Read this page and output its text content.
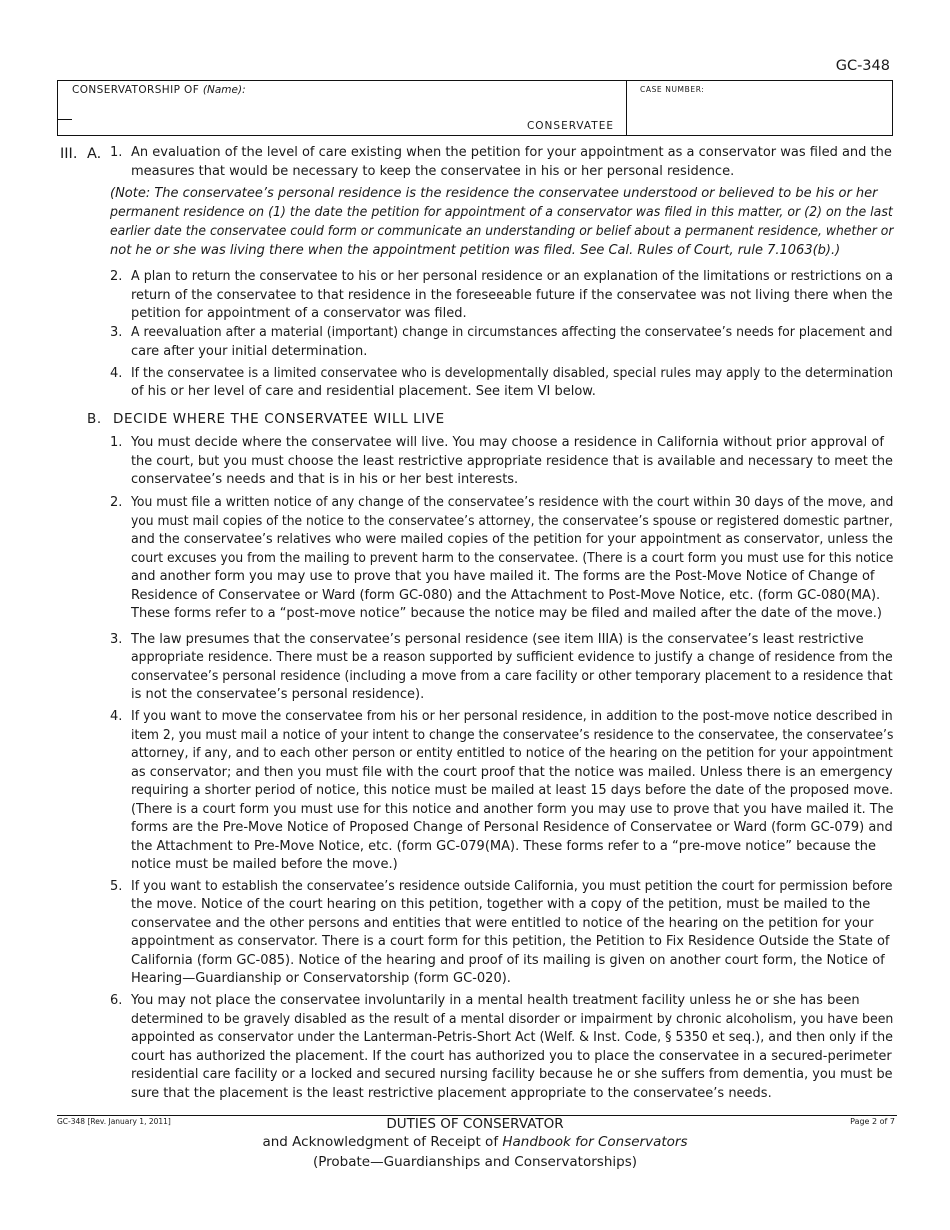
GC-348
CONSERVATORSHIP OF (Name):
CONSERVATEE
CASE NUMBER:
III. A. 1. An evaluation of the level of care existing when the petition for your appointment as a conservator was filed and the
measures that would be necessary to keep the conservatee in his or her personal residence.
(Note: The conservatee’s personal residence is the residence the conservatee understood or believed to be his or her
permanent residence on (1) the date the petition for appointment of a conservator was filed in this matter, or (2) on the last
earlier date the conservatee could form or communicate an understanding or belief about a permanent residence, whether or
not he or she was living there when the appointment petition was filed. See Cal. Rules of Court, rule 7.1063(b).)
2. A plan to return the conservatee to his or her personal residence or an explanation of the limitations or restrictions on a
return of the conservatee to that residence in the foreseeable future if the conservatee was not living there when the
petition for appointment of a conservator was filed.
3. A reevaluation after a material (important) change in circumstances affecting the conservatee’s needs for placement and
care after your initial determination.
4. If the conservatee is a limited conservatee who is developmentally disabled, special rules may apply to the determination
of his or her level of care and residential placement. See item VI below.
B. DECIDE WHERE THE CONSERVATEE WILL LIVE
1. You must decide where the conservatee will live. You may choose a residence in California without prior approval of
the court, but you must choose the least restrictive appropriate residence that is available and necessary to meet the
conservatee’s needs and that is in his or her best interests.
2. You must file a written notice of any change of the conservatee’s residence with the court within 30 days of the move, and
you must mail copies of the notice to the conservatee’s attorney, the conservatee’s spouse or registered domestic partner,
and the conservatee’s relatives who were mailed copies of the petition for your appointment as conservator, unless the
court excuses you from the mailing to prevent harm to the conservatee. (There is a court form you must use for this notice
and another form you may use to prove that you have mailed it. The forms are the Post-Move Notice of Change of
Residence of Conservatee or Ward (form GC-080) and the Attachment to Post-Move Notice, etc. (form GC-080(MA).
These forms refer to a “post-move notice” because the notice may be filed and mailed after the date of the move.)
3. The law presumes that the conservatee’s personal residence (see item IIIA) is the conservatee’s least restrictive
appropriate residence. There must be a reason supported by sufficient evidence to justify a change of residence from the
conservatee’s personal residence (including a move from a care facility or other temporary placement to a residence that
is not the conservatee’s personal residence).
4. If you want to move the conservatee from his or her personal residence, in addition to the post-move notice described in
item 2, you must mail a notice of your intent to change the conservatee’s residence to the conservatee, the conservatee’s
attorney, if any, and to each other person or entity entitled to notice of the hearing on the petition for your appointment
as conservator; and then you must file with the court proof that the notice was mailed. Unless there is an emergency
requiring a shorter period of notice, this notice must be mailed at least 15 days before the date of the proposed move.
(There is a court form you must use for this notice and another form you may use to prove that you have mailed it. The
forms are the Pre-Move Notice of Proposed Change of Personal Residence of Conservatee or Ward (form GC-079) and
the Attachment to Pre-Move Notice, etc. (form GC-079(MA). These forms refer to a “pre-move notice” because the
notice must be mailed before the move.)
5. If you want to establish the conservatee’s residence outside California, you must petition the court for permission before
the move. Notice of the court hearing on this petition, together with a copy of the petition, must be mailed to the
conservatee and the other persons and entities that were entitled to notice of the hearing on the petition for your
appointment as conservator. There is a court form for this petition, the Petition to Fix Residence Outside the State of
California (form GC-085). Notice of the hearing and proof of its mailing is given on another court form, the Notice of
Hearing—Guardianship or Conservatorship (form GC-020).
6. You may not place the conservatee involuntarily in a mental health treatment facility unless he or she has been
determined to be gravely disabled as the result of a mental disorder or impairment by chronic alcoholism, you have been
appointed as conservator under the Lanterman-Petris-Short Act (Welf. & Inst. Code, § 5350 et seq.), and then only if the
court has authorized the placement. If the court has authorized you to place the conservatee in a secured-perimeter
residential care facility or a locked and secured nursing facility because he or she suffers from dementia, you must be
sure that the placement is the least restrictive placement appropriate to the conservatee’s needs.
GC-348 [Rev. January 1, 2011]	Page 2 of 7
DUTIES OF CONSERVATOR
and Acknowledgment of Receipt of Handbook for Conservators
(Probate—Guardianships and Conservatorships)
